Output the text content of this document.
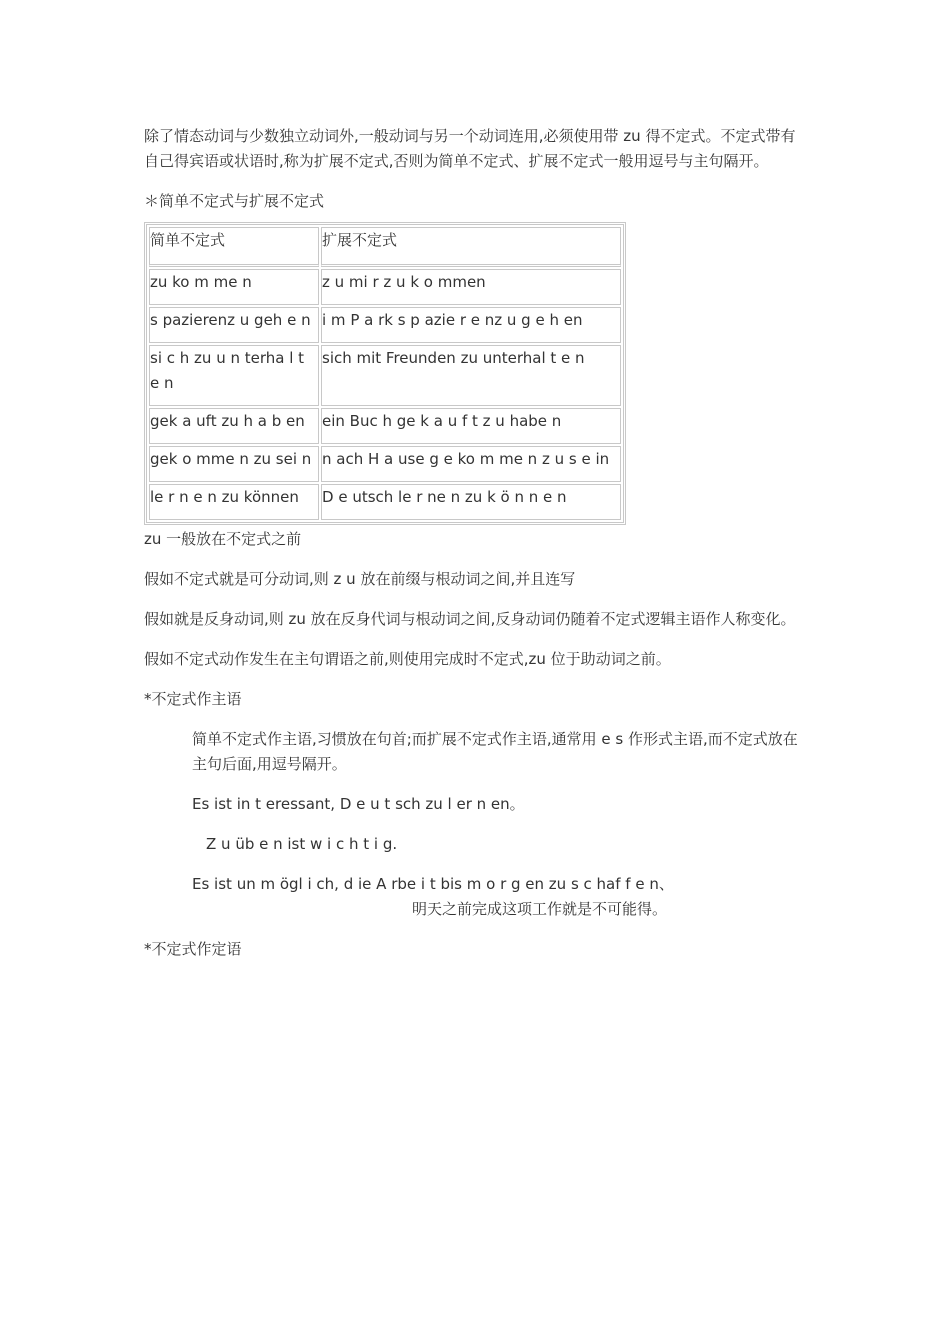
除了情态动词与少数独立动词外,一般动词与另一个动词连用,必须使用带 zu 得不定式。不定式带有自己得宾语或状语时,称为扩展不定式,否则为简单不定式、扩展不定式一般用逗号与主句隔开。

＊简单不定式与扩展不定式

简单不定式	扩展不定式
zu ko m me n	z u mi r z u k o mmen
s pazierenz u geh e n	i m P a rk s p azie r e nz u g e h en
si c h zu u n terha l t e n	sich mit Freunden zu unterhal t e n
gek a uft zu h a b en	ein Buc h ge k a u f t z u habe n
gek o mme n zu sei n	n ach H a use g e ko m me n z u s e in
le r n e n zu können	D e utsch le r ne n zu k ö n n e n

zu 一般放在不定式之前

假如不定式就是可分动词,则 z u 放在前缀与根动词之间,并且连写

假如就是反身动词,则 zu 放在反身代词与根动词之间,反身动词仍随着不定式逻辑主语作人称变化。

假如不定式动作发生在主句谓语之前,则使用完成时不定式,zu 位于助动词之前。

*不定式作主语

简单不定式作主语,习惯放在句首;而扩展不定式作主语,通常用 e s 作形式主语,而不定式放在主句后面,用逗号隔开。

Es ist in t eressant, D e u t sch zu l er n en。

Z u üb e n ist w i c h t i g.

Es ist un m ögl i ch, d ie A rbe i t bis m o r g en zu s c haf f e n、

明天之前完成这项工作就是不可能得。

*不定式作定语
